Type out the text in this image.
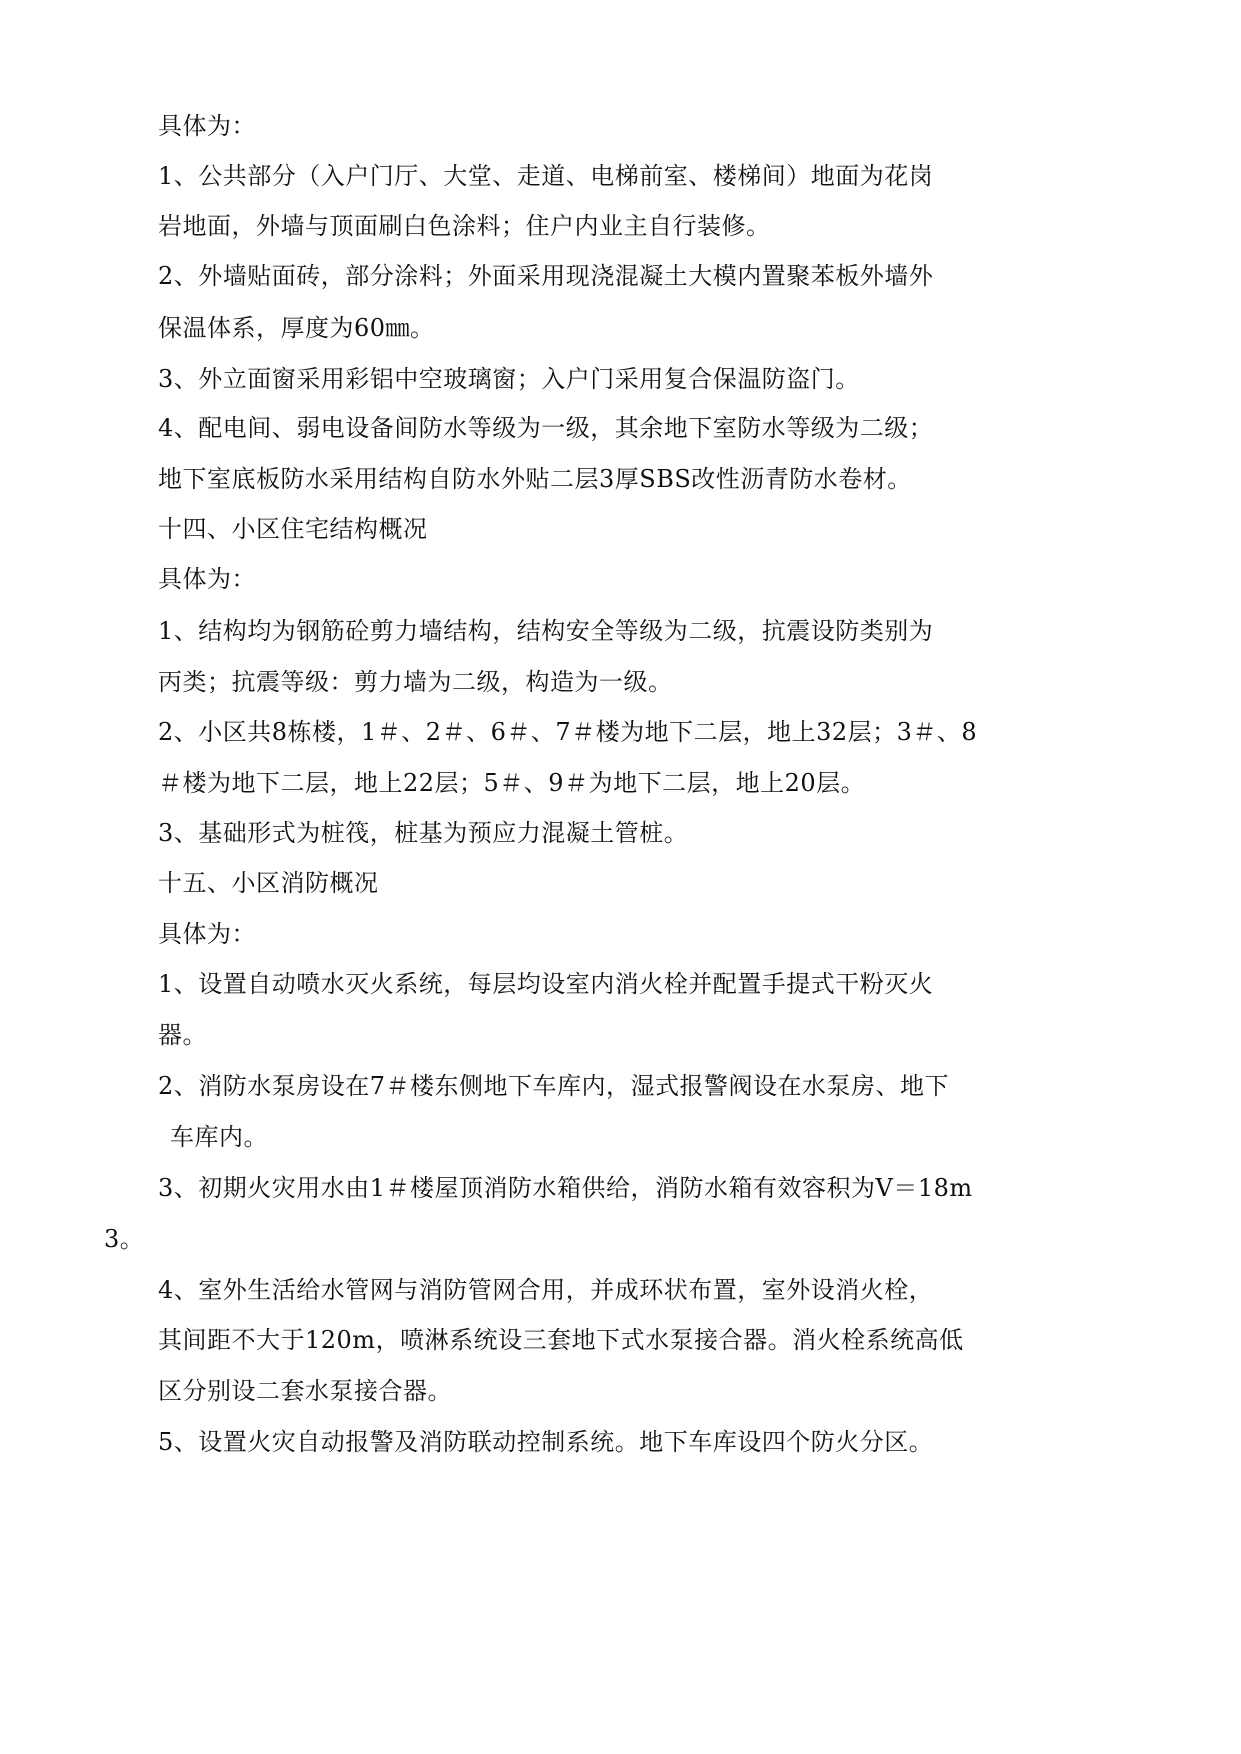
具体为：
1、公共部分（入户门厅、大堂、走道、电梯前室、楼梯间）地面为花岗
岩地面，外墙与顶面刷白色涂料；住户内业主自行装修。
2、外墙贴面砖，部分涂料；外面采用现浇混凝土大模内置聚苯板外墙外
保温体系，厚度为60㎜。
3、外立面窗采用彩铝中空玻璃窗；入户门采用复合保温防盗门。
4、配电间、弱电设备间防水等级为一级，其余地下室防水等级为二级；
地下室底板防水采用结构自防水外贴二层3厚SBS改性沥青防水卷材。
十四、小区住宅结构概况
具体为：
1、结构均为钢筋砼剪力墙结构，结构安全等级为二级，抗震设防类别为
丙类；抗震等级：剪力墙为二级，构造为一级。
2、小区共8栋楼，1＃、2＃、6＃、7＃楼为地下二层，地上32层；3＃、8
＃楼为地下二层，地上22层；5＃、9＃为地下二层，地上20层。
3、基础形式为桩筏，桩基为预应力混凝土管桩。
十五、小区消防概况
具体为：
1、设置自动喷水灭火系统，每层均设室内消火栓并配置手提式干粉灭火
器。
2、消防水泵房设在7＃楼东侧地下车库内，湿式报警阀设在水泵房、地下
车库内。
3、初期火灾用水由1＃楼屋顶消防水箱供给，消防水箱有效容积为V＝18m
3。
4、室外生活给水管网与消防管网合用，并成环状布置，室外设消火栓，
其间距不大于120m，喷淋系统设三套地下式水泵接合器。消火栓系统高低
区分别设二套水泵接合器。
5、设置火灾自动报警及消防联动控制系统。地下车库设四个防火分区。
